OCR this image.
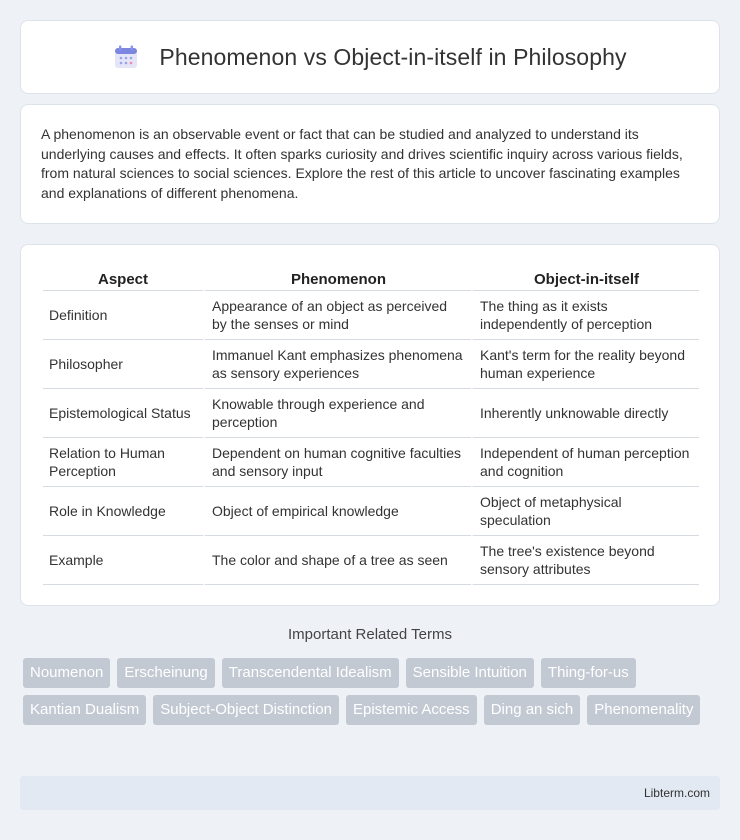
Phenomenon vs Object-in-itself in Philosophy

A phenomenon is an observable event or fact that can be studied and analyzed to understand its underlying causes and effects. It often sparks curiosity and drives scientific inquiry across various fields, from natural sciences to social sciences. Explore the rest of this article to uncover fascinating examples and explanations of different phenomena.

Aspect	Phenomenon	Object-in-itself
Definition	Appearance of an object as perceived by the senses or mind	The thing as it exists independently of perception
Philosopher	Immanuel Kant emphasizes phenomena as sensory experiences	Kant's term for the reality beyond human experience
Epistemological Status	Knowable through experience and perception	Inherently unknowable directly
Relation to Human Perception	Dependent on human cognitive faculties and sensory input	Independent of human perception and cognition
Role in Knowledge	Object of empirical knowledge	Object of metaphysical speculation
Example	The color and shape of a tree as seen	The tree's existence beyond sensory attributes
Important Related Terms
Noumenon	Erscheinung	Transcendental Idealism	Sensible Intuition	Thing-for-us
Kantian Dualism	Subject-Object Distinction	Epistemic Access	Ding an sich	Phenomenality
Libterm.com
